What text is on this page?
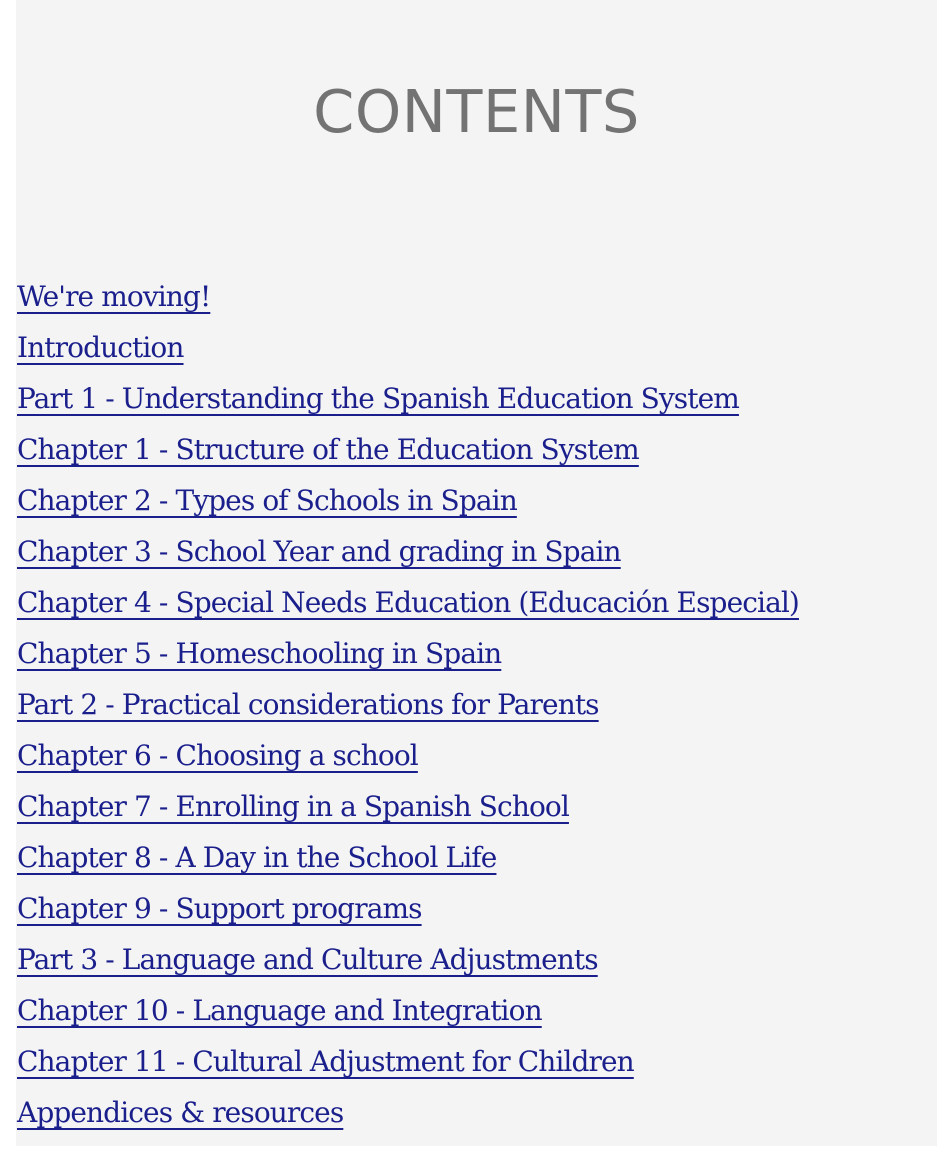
CONTENTS
We're moving!
Introduction
Part 1 - Understanding the Spanish Education System
Chapter 1 - Structure of the Education System
Chapter 2 - Types of Schools in Spain
Chapter 3 - School Year and grading in Spain
Chapter 4 - Special Needs Education (Educación Especial)
Chapter 5 - Homeschooling in Spain
Part 2 - Practical considerations for Parents
Chapter 6 - Choosing a school
Chapter 7 - Enrolling in a Spanish School
Chapter 8 - A Day in the School Life
Chapter 9 - Support programs
Part 3 - Language and Culture Adjustments
Chapter 10 - Language and Integration
Chapter 11 - Cultural Adjustment for Children
Appendices & resources
